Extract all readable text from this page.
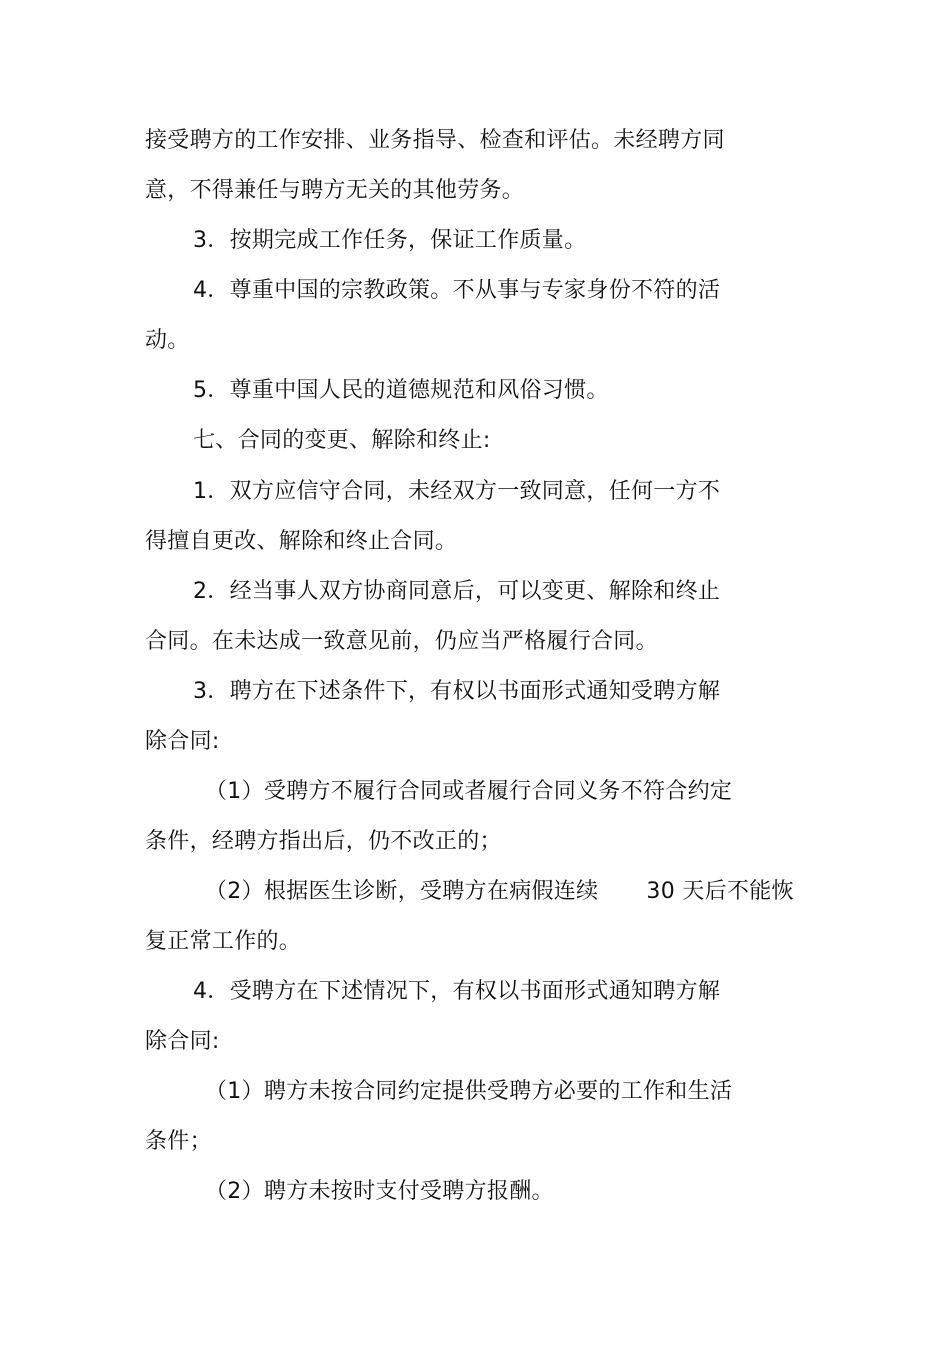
接受聘方的工作安排、业务指导、检查和评估。未经聘方同
意，不得兼任与聘方无关的其他劳务。
3．按期完成工作任务，保证工作质量。
4．尊重中国的宗教政策。不从事与专家身份不符的活
动。
5．尊重中国人民的道德规范和风俗习惯。
七、合同的变更、解除和终止:
1．双方应信守合同，未经双方一致同意，任何一方不
得擅自更改、解除和终止合同。
2．经当事人双方协商同意后，可以变更、解除和终止
合同。在未达成一致意见前，仍应当严格履行合同。
3．聘方在下述条件下，有权以书面形式通知受聘方解
除合同:
（1）受聘方不履行合同或者履行合同义务不符合约定
条件，经聘方指出后，仍不改正的；
（2）根据医生诊断，受聘方在病假连续 30 天后不能恢
复正常工作的。
4．受聘方在下述情况下，有权以书面形式通知聘方解
除合同:
（1）聘方未按合同约定提供受聘方必要的工作和生活
条件；
（2）聘方未按时支付受聘方报酬。
